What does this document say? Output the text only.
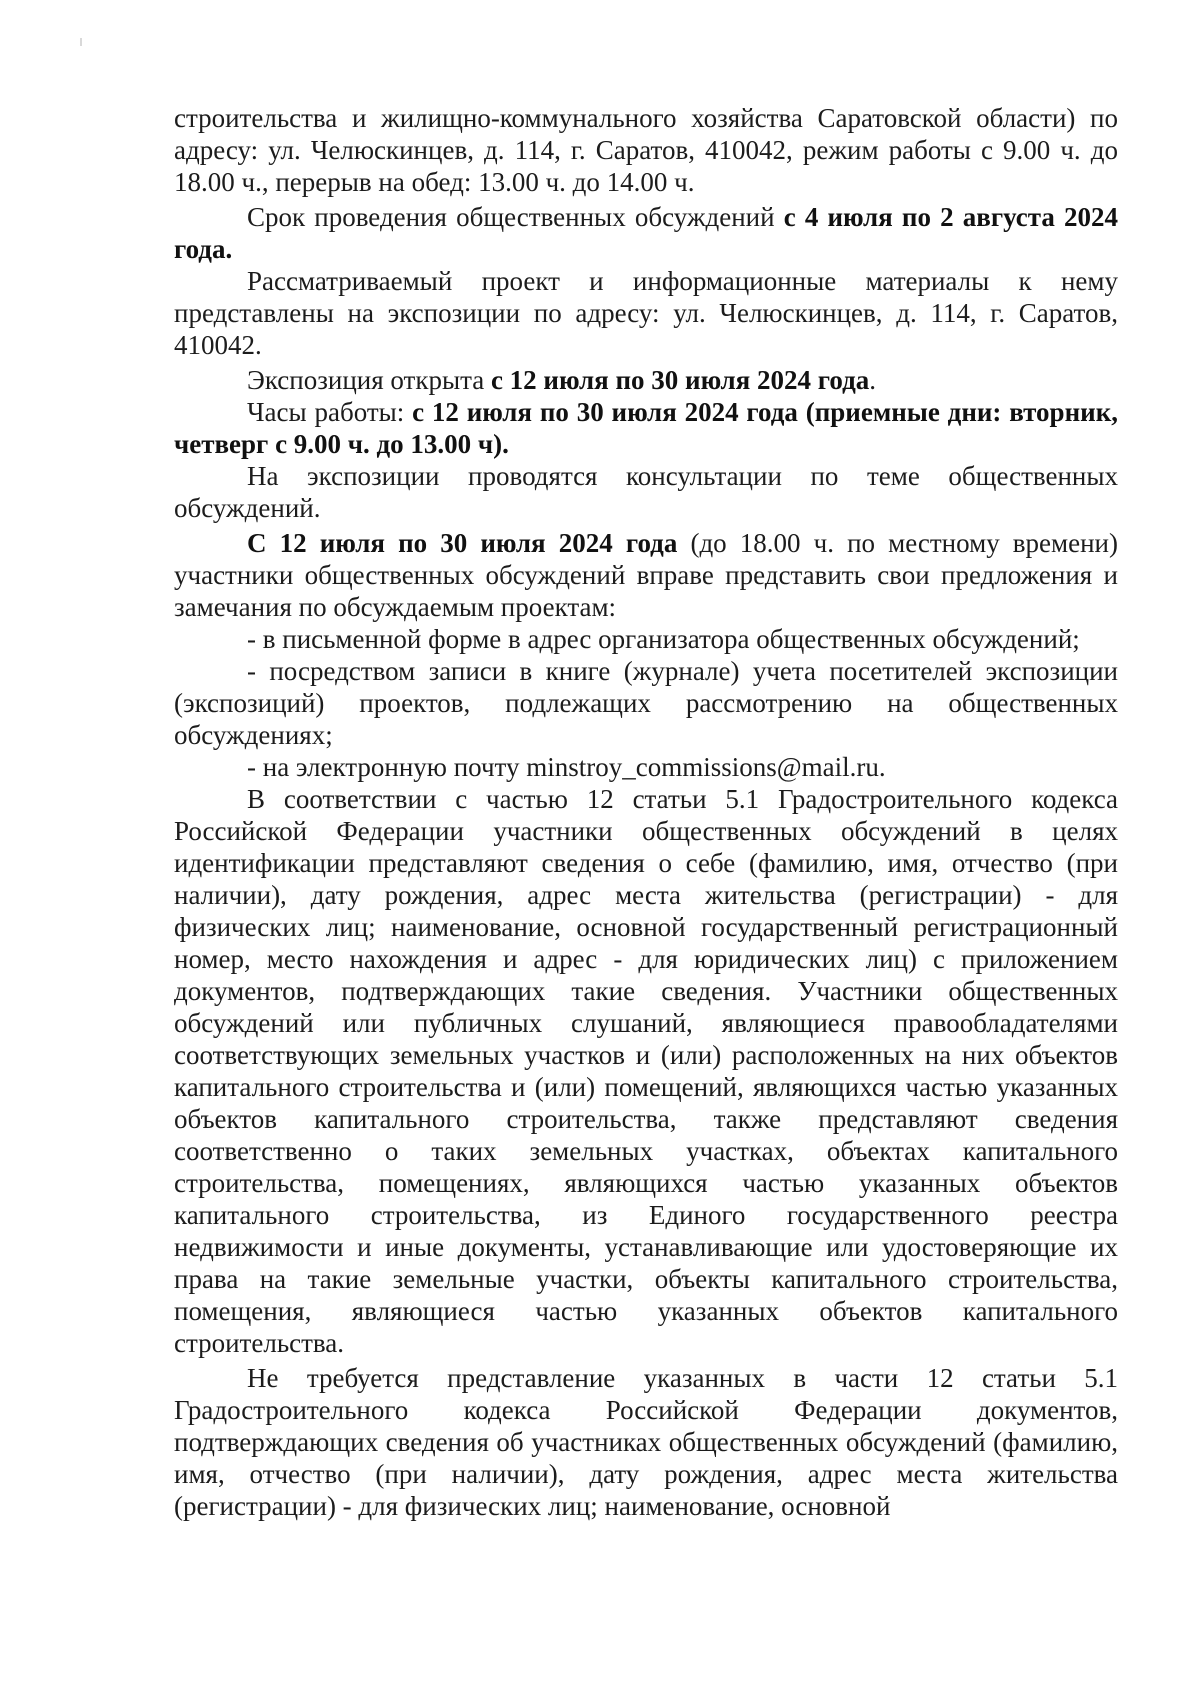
строительства и жилищно-коммунального хозяйства Саратовской области) по адресу: ул. Челюскинцев, д. 114, г. Саратов, 410042, режим работы с 9.00 ч. до 18.00 ч., перерыв на обед: 13.00 ч. до 14.00 ч.

Срок проведения общественных обсуждений с 4 июля по 2 августа 2024 года.

Рассматриваемый проект и информационные материалы к нему представлены на экспозиции по адресу: ул. Челюскинцев, д. 114, г. Саратов, 410042.

Экспозиция открыта с 12 июля по 30 июля 2024 года.

Часы работы: с 12 июля по 30 июля 2024 года (приемные дни: вторник, четверг с 9.00 ч. до 13.00 ч).

На экспозиции проводятся консультации по теме общественных обсуждений.

С 12 июля по 30 июля 2024 года (до 18.00 ч. по местному времени) участники общественных обсуждений вправе представить свои предложения и замечания по обсуждаемым проектам:

- в письменной форме в адрес организатора общественных обсуждений;

- посредством записи в книге (журнале) учета посетителей экспозиции (экспозиций) проектов, подлежащих рассмотрению на общественных обсуждениях;

- на электронную почту minstroy_commissions@mail.ru.

В соответствии с частью 12 статьи 5.1 Градостроительного кодекса Российской Федерации участники общественных обсуждений в целях идентификации представляют сведения о себе (фамилию, имя, отчество (при наличии), дату рождения, адрес места жительства (регистрации) - для физических лиц; наименование, основной государственный регистрационный номер, место нахождения и адрес - для юридических лиц) с приложением документов, подтверждающих такие сведения. Участники общественных обсуждений или публичных слушаний, являющиеся правообладателями соответствующих земельных участков и (или) расположенных на них объектов капитального строительства и (или) помещений, являющихся частью указанных объектов капитального строительства, также представляют сведения соответственно о таких земельных участках, объектах капитального строительства, помещениях, являющихся частью указанных объектов капитального строительства, из Единого государственного реестра недвижимости и иные документы, устанавливающие или удостоверяющие их права на такие земельные участки, объекты капитального строительства, помещения, являющиеся частью указанных объектов капитального строительства.

Не требуется представление указанных в части 12 статьи 5.1 Градостроительного кодекса Российской Федерации документов, подтверждающих сведения об участниках общественных обсуждений (фамилию, имя, отчество (при наличии), дату рождения, адрес места жительства (регистрации) - для физических лиц; наименование, основной
